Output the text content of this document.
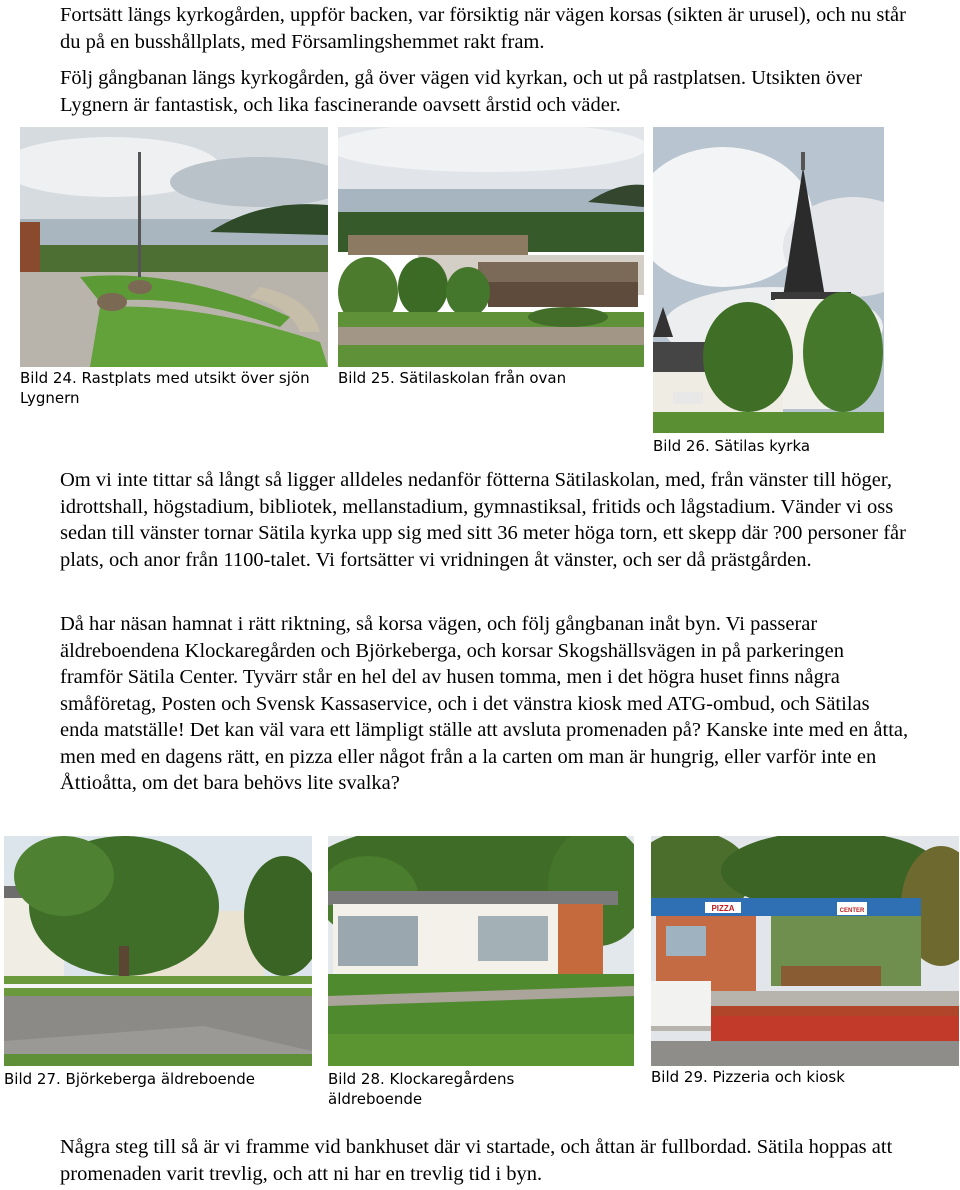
Fortsätt längs kyrkogården, uppför backen, var försiktig när vägen korsas (sikten är urusel), och nu står du på en busshållplats, med Församlingshemmet rakt fram.

Följ gångbanan längs kyrkogården, gå över vägen vid kyrkan, och ut på rastplatsen. Utsikten över Lygnern är fantastisk, och lika fascinerande oavsett årstid och väder.

Bild 24. Rastplats med utsikt över sjön Lygnern

Bild 25. Sätilaskolan från ovan

Bild 26. Sätilas kyrka

Om vi inte tittar så långt så ligger alldeles nedanför fötterna Sätilaskolan, med, från vänster till höger, idrottshall, högstadium, bibliotek, mellanstadium, gymnastiksal, fritids och lågstadium. Vänder vi oss sedan till vänster tornar Sätila kyrka upp sig med sitt 36 meter höga torn, ett skepp där ?00 personer får plats, och anor från 1100-talet. Vi fortsätter vi vridningen åt vänster, och ser då prästgården.

Då har näsan hamnat i rätt riktning, så korsa vägen, och följ gångbanan inåt byn. Vi passerar äldreboendena Klockaregården och Björkeberga, och korsar Skogshällsvägen in på parkeringen framför Sätila Center. Tyvärr står en hel del av husen tomma, men i det högra huset finns några småföretag, Posten och Svensk Kassaservice, och i det vänstra kiosk med ATG-ombud, och Sätilas enda matställe! Det kan väl vara ett lämpligt ställe att avsluta promenaden på? Kanske inte med en åtta, men med en dagens rätt, en pizza eller något från a la carten om man är hungrig, eller varför inte en Åttioåtta, om det bara behövs lite svalka?

Bild 27. Björkeberga äldreboende	Bild 28. Klockaregårdens äldreboende

PIZZA	CENTER

Bild 29. Pizzeria och kiosk

Några steg till så är vi framme vid bankhuset där vi startade, och åttan är fullbordad. Sätila hoppas att promenaden varit trevlig, och att ni har en trevlig tid i byn.
